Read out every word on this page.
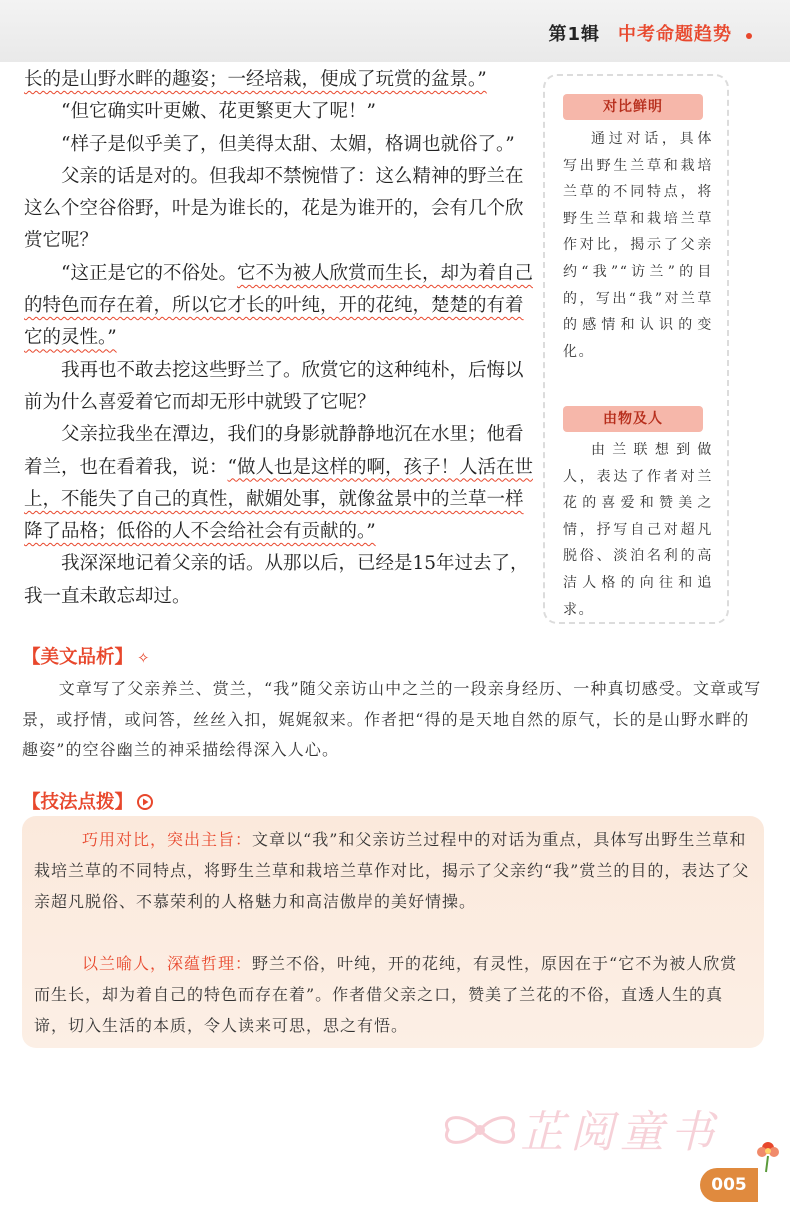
第1辑 中考命题趋势

长的是山野水畔的趣姿；一经培栽，便成了玩赏的盆景。”

“但它确实叶更嫩、花更繁更大了呢！”

“样子是似乎美了，但美得太甜、太媚，格调也就俗了。”

父亲的话是对的。但我却不禁惋惜了：这么精神的野兰在这么个空谷俗野，叶是为谁长的，花是为谁开的，会有几个欣赏它呢？

“这正是它的不俗处。它不为被人欣赏而生长，却为着自己的特色而存在着，所以它才长的叶纯，开的花纯，楚楚的有着它的灵性。”

我再也不敢去挖这些野兰了。欣赏它的这种纯朴，后悔以前为什么喜爱着它而却无形中就毁了它呢？

父亲拉我坐在潭边，我们的身影就静静地沉在水里；他看着兰，也在看着我，说：“做人也是这样的啊，孩子！人活在世上，不能失了自己的真性，献媚处事，就像盆景中的兰草一样降了品格；低俗的人不会给社会有贡献的。”

我深深地记着父亲的话。从那以后，已经是15年过去了，我一直未敢忘却过。

对比鲜明
通过对话，具体写出野生兰草和栽培兰草的不同特点，将野生兰草和栽培兰草作对比，揭示了父亲约“我”“访兰”的目的，写出“我”对兰草的感情和认识的变化。
由物及人
由兰联想到做人，表达了作者对兰花的喜爱和赞美之情，抒写自己对超凡脱俗、淡泊名利的高洁人格的向往和追求。
【美文品析】 ✧

文章写了父亲养兰、赏兰，“我”随父亲访山中之兰的一段亲身经历、一种真切感受。文章或写景，或抒情，或问答，丝丝入扣，娓娓叙来。作者把“得的是天地自然的原气，长的是山野水畔的趣姿”的空谷幽兰的神采描绘得深入人心。

【技法点拨】

巧用对比，突出主旨：文章以“我”和父亲访兰过程中的对话为重点，具体写出野生兰草和栽培兰草的不同特点，将野生兰草和栽培兰草作对比，揭示了父亲约“我”赏兰的目的，表达了父亲超凡脱俗、不慕荣利的人格魅力和高洁傲岸的美好情操。

以兰喻人，深蕴哲理：野兰不俗，叶纯，开的花纯，有灵性，原因在于“它不为被人欣赏而生长，却为着自己的特色而存在着”。作者借父亲之口，赞美了兰花的不俗，直透人生的真谛，切入生活的本质，令人读来可思，思之有悟。

芷阅童书
005
